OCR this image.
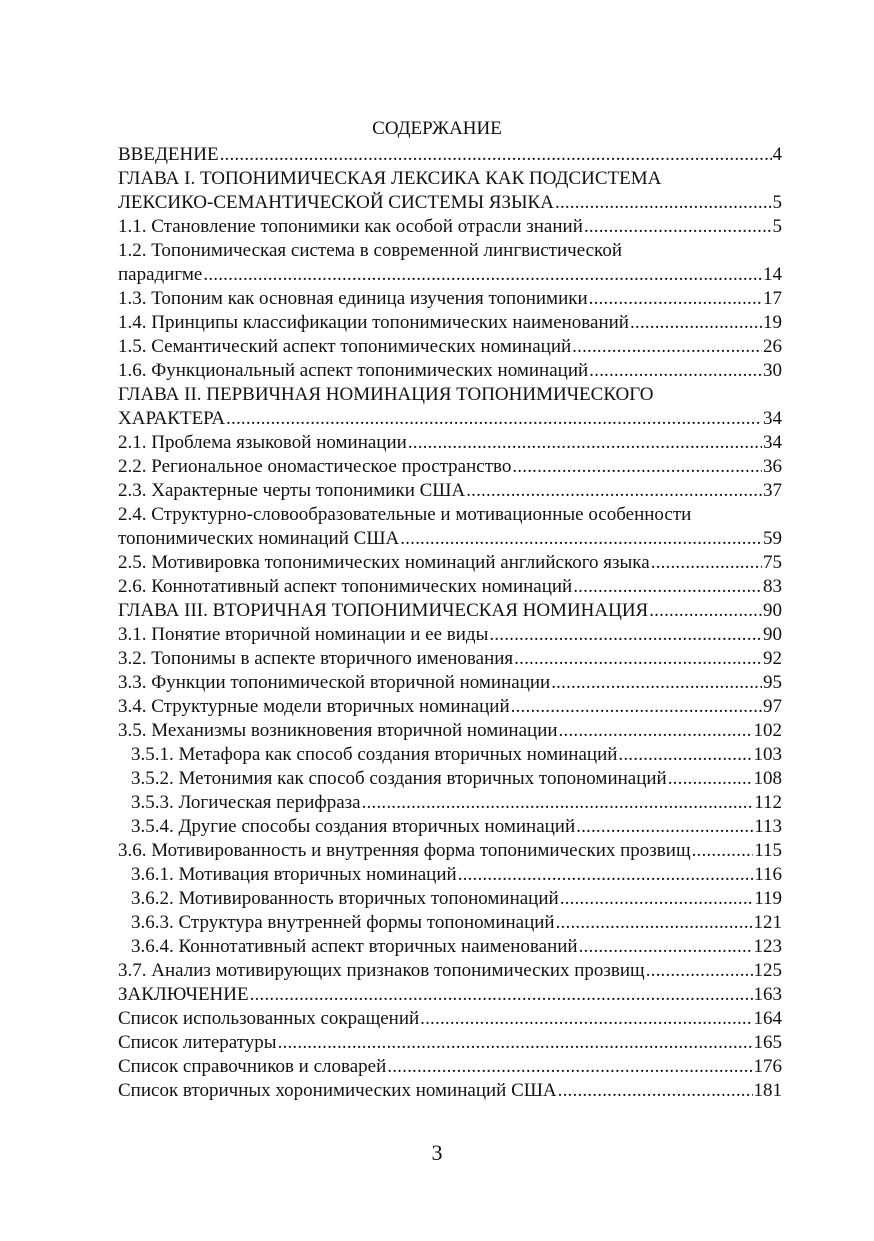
СОДЕРЖАНИЕ
ВВЕДЕНИЕ .....	4
ГЛАВА I. ТОПОНИМИЧЕСКАЯ ЛЕКСИКА КАК ПОДСИСТЕМА
ЛЕКСИКО-СЕМАНТИЧЕСКОЙ СИСТЕМЫ ЯЗЫКА .....	5
1.1. Становление топонимики как особой отрасли знаний .....	5
1.2. Топонимическая система в современной лингвистической
парадигме .....	14
1.3. Топоним как основная единица изучения топонимики .....	17
1.4. Принципы классификации топонимических наименований .....	19
1.5. Семантический аспект топонимических номинаций .....	26
1.6. Функциональный аспект топонимических номинаций .....	30
ГЛАВА II. ПЕРВИЧНАЯ НОМИНАЦИЯ ТОПОНИМИЧЕСКОГО
ХАРАКТЕРА .....	34
2.1. Проблема языковой номинации .....	34
2.2. Региональное ономастическое пространство .....	36
2.3. Характерные черты топонимики США .....	37
2.4. Структурно-словообразовательные и мотивационные особенности
топонимических номинаций США .....	59
2.5. Мотивировка топонимических номинаций английского языка .....	75
2.6. Коннотативный аспект топонимических номинаций .....	83
ГЛАВА III. ВТОРИЧНАЯ ТОПОНИМИЧЕСКАЯ НОМИНАЦИЯ .....	90
3.1. Понятие вторичной номинации и ее виды .....	90
3.2. Топонимы в аспекте вторичного именования .....	92
3.3. Функции топонимической вторичной номинации .....	95
3.4. Структурные модели вторичных номинаций .....	97
3.5. Механизмы возникновения вторичной номинации .....	102
3.5.1. Метафора как способ создания вторичных номинаций .....	103
3.5.2. Метонимия как способ создания вторичных топономинаций .....	108
3.5.3. Логическая перифраза .....	112
3.5.4. Другие способы создания вторичных номинаций .....	113
3.6. Мотивированность и внутренняя форма топонимических прозвищ .....	115
3.6.1. Мотивация вторичных номинаций .....	116
3.6.2. Мотивированность вторичных топономинаций .....	119
3.6.3. Структура внутренней формы топономинаций .....	121
3.6.4. Коннотативный аспект вторичных наименований .....	123
3.7. Анализ мотивирующих признаков топонимических прозвищ .....	125
ЗАКЛЮЧЕНИЕ .....	163
Список использованных сокращений .....	164
Список литературы .....	165
Список справочников и словарей .....	176
Список вторичных хоронимических номинаций США .....	181
3
